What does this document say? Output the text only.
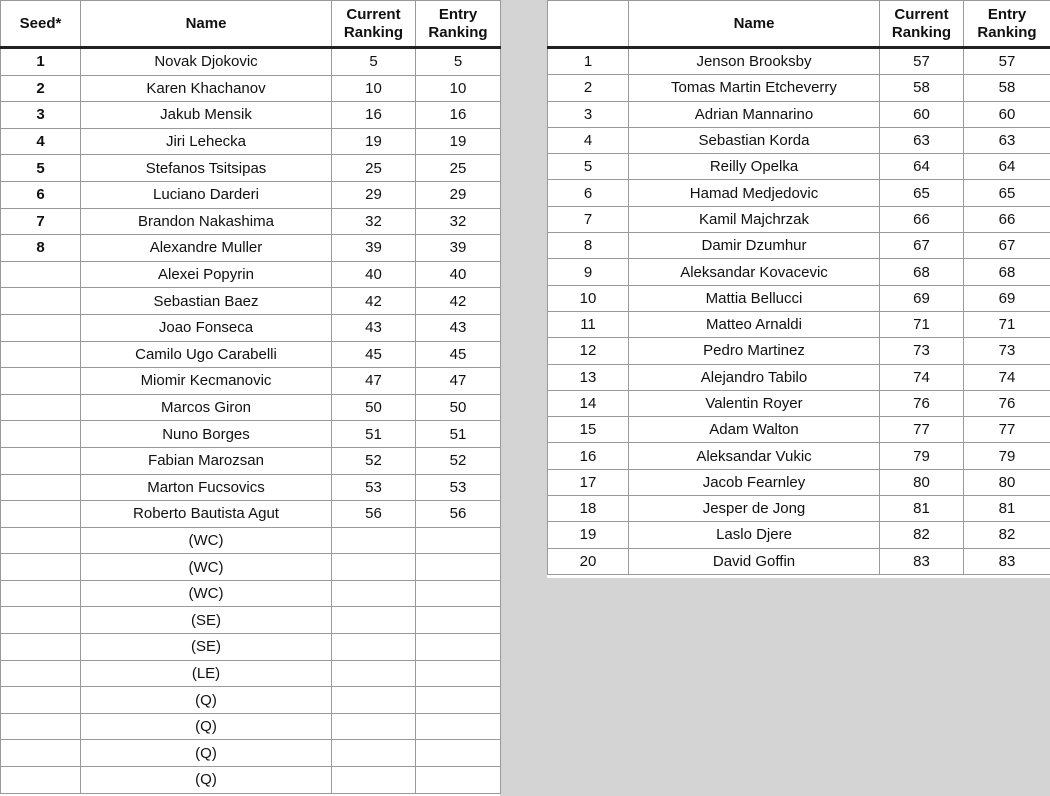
Seed*	Name	Current Ranking	Entry Ranking
1	Novak Djokovic	5	5
2	Karen Khachanov	10	10
3	Jakub Mensik	16	16
4	Jiri Lehecka	19	19
5	Stefanos Tsitsipas	25	25
6	Luciano Darderi	29	29
7	Brandon Nakashima	32	32
8	Alexandre Muller	39	39
	Alexei Popyrin	40	40
	Sebastian Baez	42	42
	Joao Fonseca	43	43
	Camilo Ugo Carabelli	45	45
	Miomir Kecmanovic	47	47
	Marcos Giron	50	50
	Nuno Borges	51	51
	Fabian Marozsan	52	52
	Marton Fucsovics	53	53
	Roberto Bautista Agut	56	56
	(WC)		
	(WC)		
	(WC)		
	(SE)		
	(SE)		
	(LE)		
	(Q)		
	(Q)		
	(Q)		
	(Q)		
	Name	Current Ranking	Entry Ranking
1	Jenson Brooksby	57	57
2	Tomas Martin Etcheverry	58	58
3	Adrian Mannarino	60	60
4	Sebastian Korda	63	63
5	Reilly Opelka	64	64
6	Hamad Medjedovic	65	65
7	Kamil Majchrzak	66	66
8	Damir Dzumhur	67	67
9	Aleksandar Kovacevic	68	68
10	Mattia Bellucci	69	69
11	Matteo Arnaldi	71	71
12	Pedro Martinez	73	73
13	Alejandro Tabilo	74	74
14	Valentin Royer	76	76
15	Adam Walton	77	77
16	Aleksandar Vukic	79	79
17	Jacob Fearnley	80	80
18	Jesper de Jong	81	81
19	Laslo Djere	82	82
20	David Goffin	83	83
